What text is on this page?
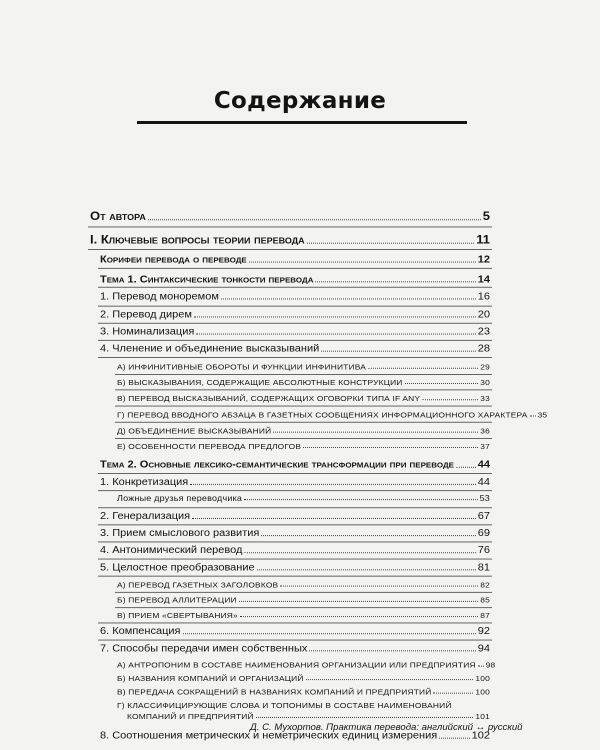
Содержание
От автора	5
I. Ключевые вопросы теории перевода	11
Корифеи перевода о переводе	12
Тема 1. Синтаксические тонкости перевода	14
1. Перевод моноремом	16
2. Перевод дирем	20
3. Номинализация	23
4. Членение и объединение высказываний	28
А) ИНФИНИТИВНЫЕ ОБОРОТЫ И ФУНКЦИИ ИНФИНИТИВА	29
Б) ВЫСКАЗЫВАНИЯ, СОДЕРЖАЩИЕ АБСОЛЮТНЫЕ КОНСТРУКЦИИ	30
В) ПЕРЕВОД ВЫСКАЗЫВАНИЙ, СОДЕРЖАЩИХ ОГОВОРКИ ТИПА IF ANY	33
Г) ПЕРЕВОД ВВОДНОГО АБЗАЦА В ГАЗЕТНЫХ СООБЩЕНИЯХ ИНФОРМАЦИОННОГО ХАРАКТЕРА 35
Д) ОБЪЕДИНЕНИЕ ВЫСКАЗЫВАНИЙ	36
Е) ОСОБЕННОСТИ ПЕРЕВОДА ПРЕДЛОГОВ	37
Тема 2. Основные лексико-семантические трансформации при переводе 44
1. Конкретизация	44
Ложные друзья переводчика	53
2. Генерализация	67
3. Прием смыслового развития	69
4. Антонимический перевод	76
5. Целостное преобразование	81
А) ПЕРЕВОД ГАЗЕТНЫХ ЗАГОЛОВКОВ	82
Б) ПЕРЕВОД АЛЛИТЕРАЦИИ	85
В) ПРИЕМ «СВЕРТЫВАНИЯ»	87
6. Компенсация	92
7. Способы передачи имен собственных	94
А) АНТРОПОНИМ В СОСТАВЕ НАИМЕНОВАНИЯ ОРГАНИЗАЦИИ ИЛИ ПРЕДПРИЯТИЯ 98
Б) НАЗВАНИЯ КОМПАНИЙ И ОРГАНИЗАЦИЙ	100
В) ПЕРЕДАЧА СОКРАЩЕНИЙ В НАЗВАНИЯХ КОМПАНИЙ И ПРЕДПРИЯТИЙ	100
Г) КЛАССИФИЦИРУЮЩИЕ СЛОВА И ТОПОНИМЫ В СОСТАВЕ НАИМЕНОВАНИЙ
КОМПАНИЙ И ПРЕДПРИЯТИЙ	101
8. Соотношения метрических и неметрических единиц измерения	102
Д. С. Мухортов. Практика перевода: английский ↔ русский
